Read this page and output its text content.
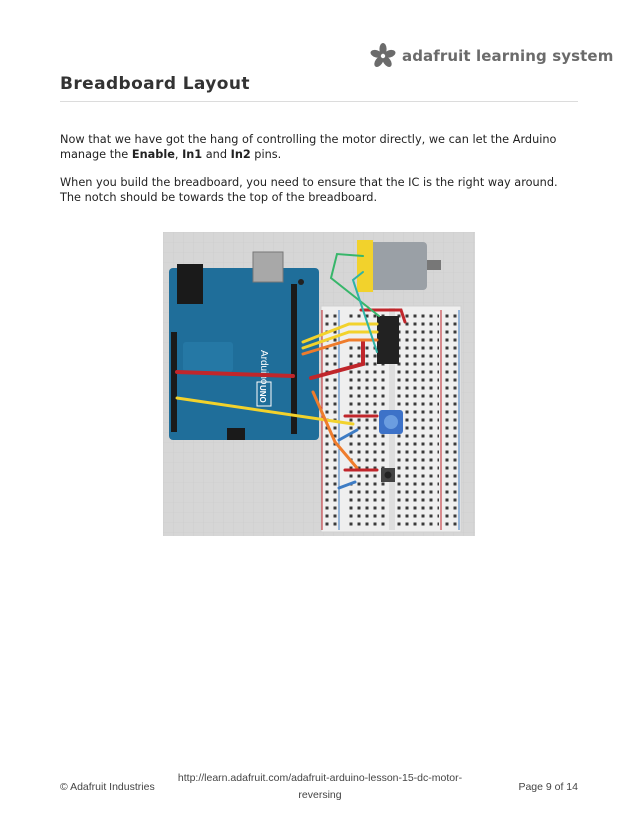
adafruit learning system
Breadboard Layout

Now that we have got the hang of controlling the motor directly, we can let the Arduino manage the Enable, In1 and In2 pins.

When you build the breadboard, you need to ensure that the IC is the right way around. The notch should be towards the top of the breadboard.

Arduino
UNO
© Adafruit Industries
http://learn.adafruit.com/adafruit-arduino-lesson-15-dc-motor-
reversing
Page 9 of 14
